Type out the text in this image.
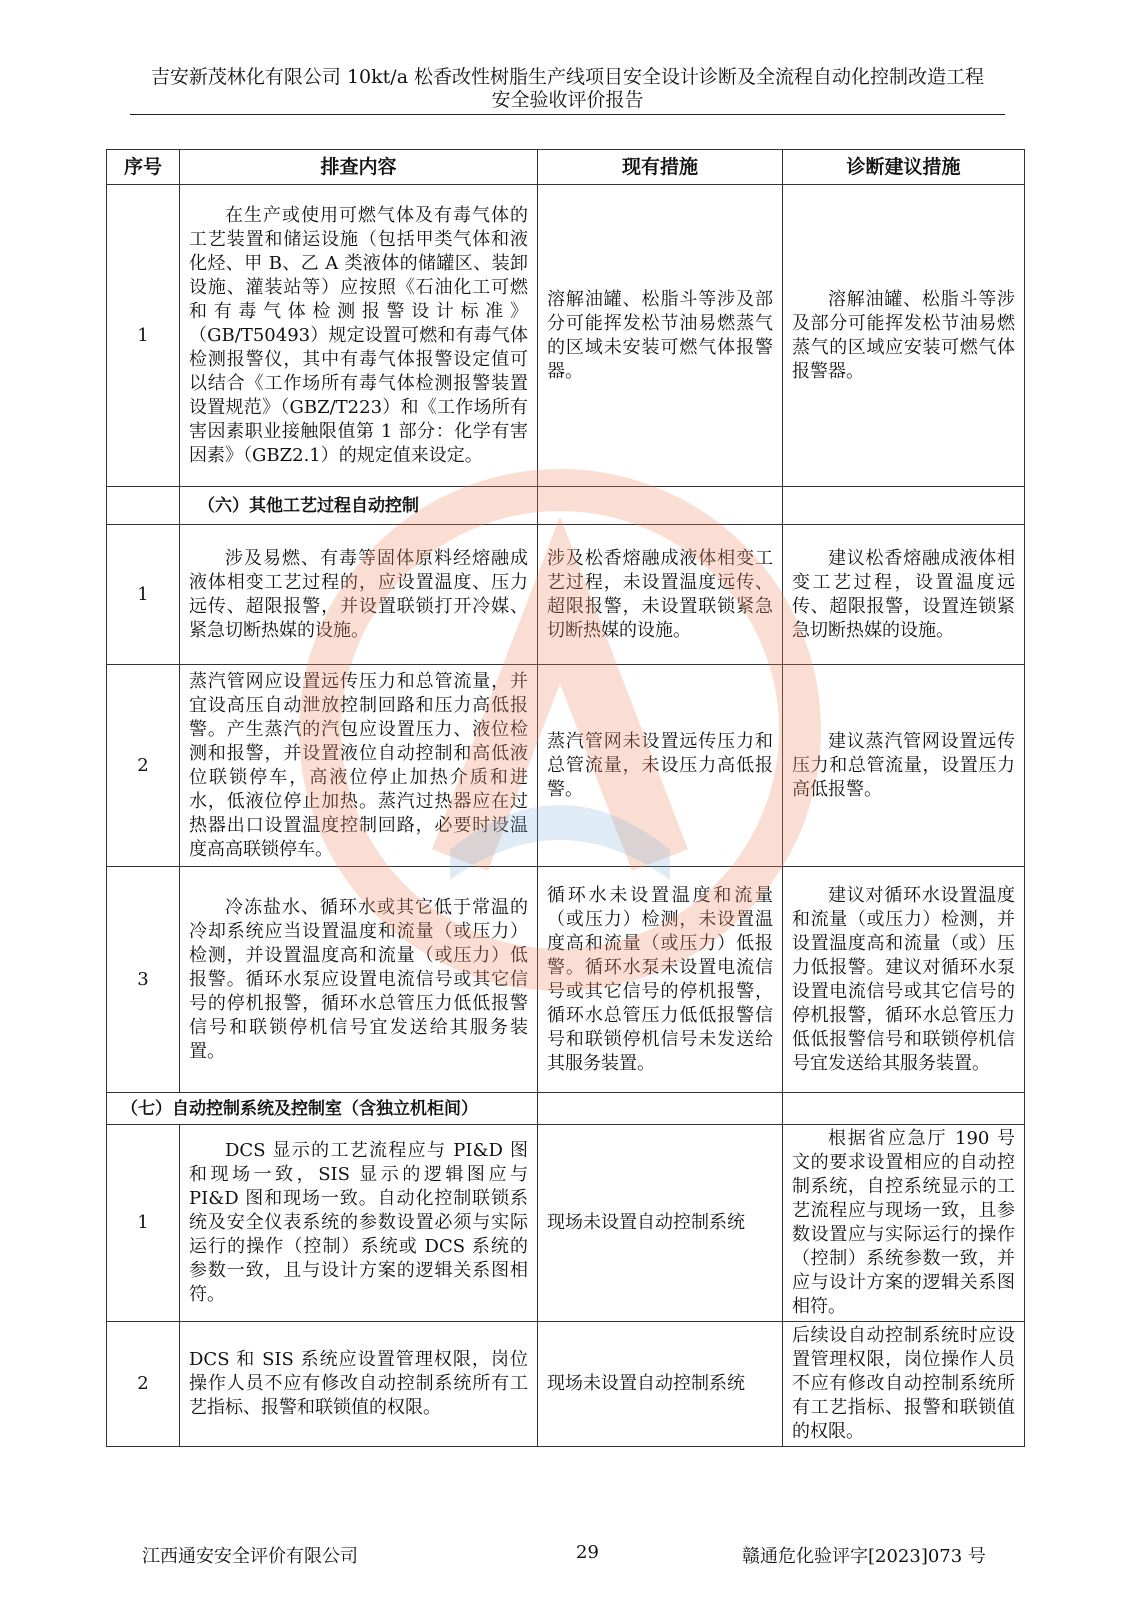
吉安新茂林化有限公司 10kt/a 松香改性树脂生产线项目安全设计诊断及全流程自动化控制改造工程
安全验收评价报告
序号	排查内容	现有措施	诊断建议措施
1	在生产或使用可燃气体及有毒气体的工艺装置和储运设施（包括甲类气体和液化烃、甲 B、乙 A 类液体的储罐区、装卸设施、灌装站等）应按照《石油化工可燃和有毒气体检测报警设计标准》（GB/T50493）规定设置可燃和有毒气体检测报警仪，其中有毒气体报警设定值可以结合《工作场所有毒气体检测报警装置设置规范》（GBZ/T223）和《工作场所有害因素职业接触限值第 1 部分：化学有害因素》（GBZ2.1）的规定值来设定。	溶解油罐、松脂斗等涉及部分可能挥发松节油易燃蒸气的区域未安装可燃气体报警器。	溶解油罐、松脂斗等涉及部分可能挥发松节油易燃蒸气的区域应安装可燃气体报警器。
	（六）其他工艺过程自动控制		
1	涉及易燃、有毒等固体原料经熔融成液体相变工艺过程的，应设置温度、压力远传、超限报警，并设置联锁打开冷媒、紧急切断热媒的设施。	涉及松香熔融成液体相变工艺过程，未设置温度远传、超限报警，未设置联锁紧急切断热媒的设施。	建议松香熔融成液体相变工艺过程，设置温度远传、超限报警，设置连锁紧急切断热媒的设施。
2	蒸汽管网应设置远传压力和总管流量，并宜设高压自动泄放控制回路和压力高低报警。产生蒸汽的汽包应设置压力、液位检测和报警，并设置液位自动控制和高低液位联锁停车，高液位停止加热介质和进水，低液位停止加热。蒸汽过热器应在过热器出口设置温度控制回路，必要时设温度高高联锁停车。	蒸汽管网未设置远传压力和总管流量，未设压力高低报警。	建议蒸汽管网设置远传压力和总管流量，设置压力高低报警。
3	冷冻盐水、循环水或其它低于常温的冷却系统应当设置温度和流量（或压力）检测，并设置温度高和流量（或压力）低报警。循环水泵应设置电流信号或其它信号的停机报警，循环水总管压力低低报警信号和联锁停机信号宜发送给其服务装置。	循环水未设置温度和流量（或压力）检测，未设置温度高和流量（或压力）低报警。循环水泵未设置电流信号或其它信号的停机报警，循环水总管压力低低报警信号和联锁停机信号未发送给其服务装置。	建议对循环水设置温度和流量（或压力）检测，并设置温度高和流量（或）压力低报警。建议对循环水泵设置电流信号或其它信号的停机报警，循环水总管压力低低报警信号和联锁停机信号宜发送给其服务装置。
（七）自动控制系统及控制室（含独立机柜间）			
1	DCS 显示的工艺流程应与 PI&D 图和现场一致，SIS 显示的逻辑图应与 PI&D 图和现场一致。自动化控制联锁系统及安全仪表系统的参数设置必须与实际运行的操作（控制）系统或 DCS 系统的参数一致，且与设计方案的逻辑关系图相符。	现场未设置自动控制系统	根据省应急厅 190 号文的要求设置相应的自动控制系统，自控系统显示的工艺流程应与现场一致，且参数设置应与实际运行的操作（控制）系统参数一致，并应与设计方案的逻辑关系图相符。
2	DCS 和 SIS 系统应设置管理权限，岗位操作人员不应有修改自动控制系统所有工艺指标、报警和联锁值的权限。	现场未设置自动控制系统	后续设自动控制系统时应设置管理权限，岗位操作人员不应有修改自动控制系统所有工艺指标、报警和联锁值的权限。
江西通安安全评价有限公司	29	赣通危化验评字[2023]073 号
